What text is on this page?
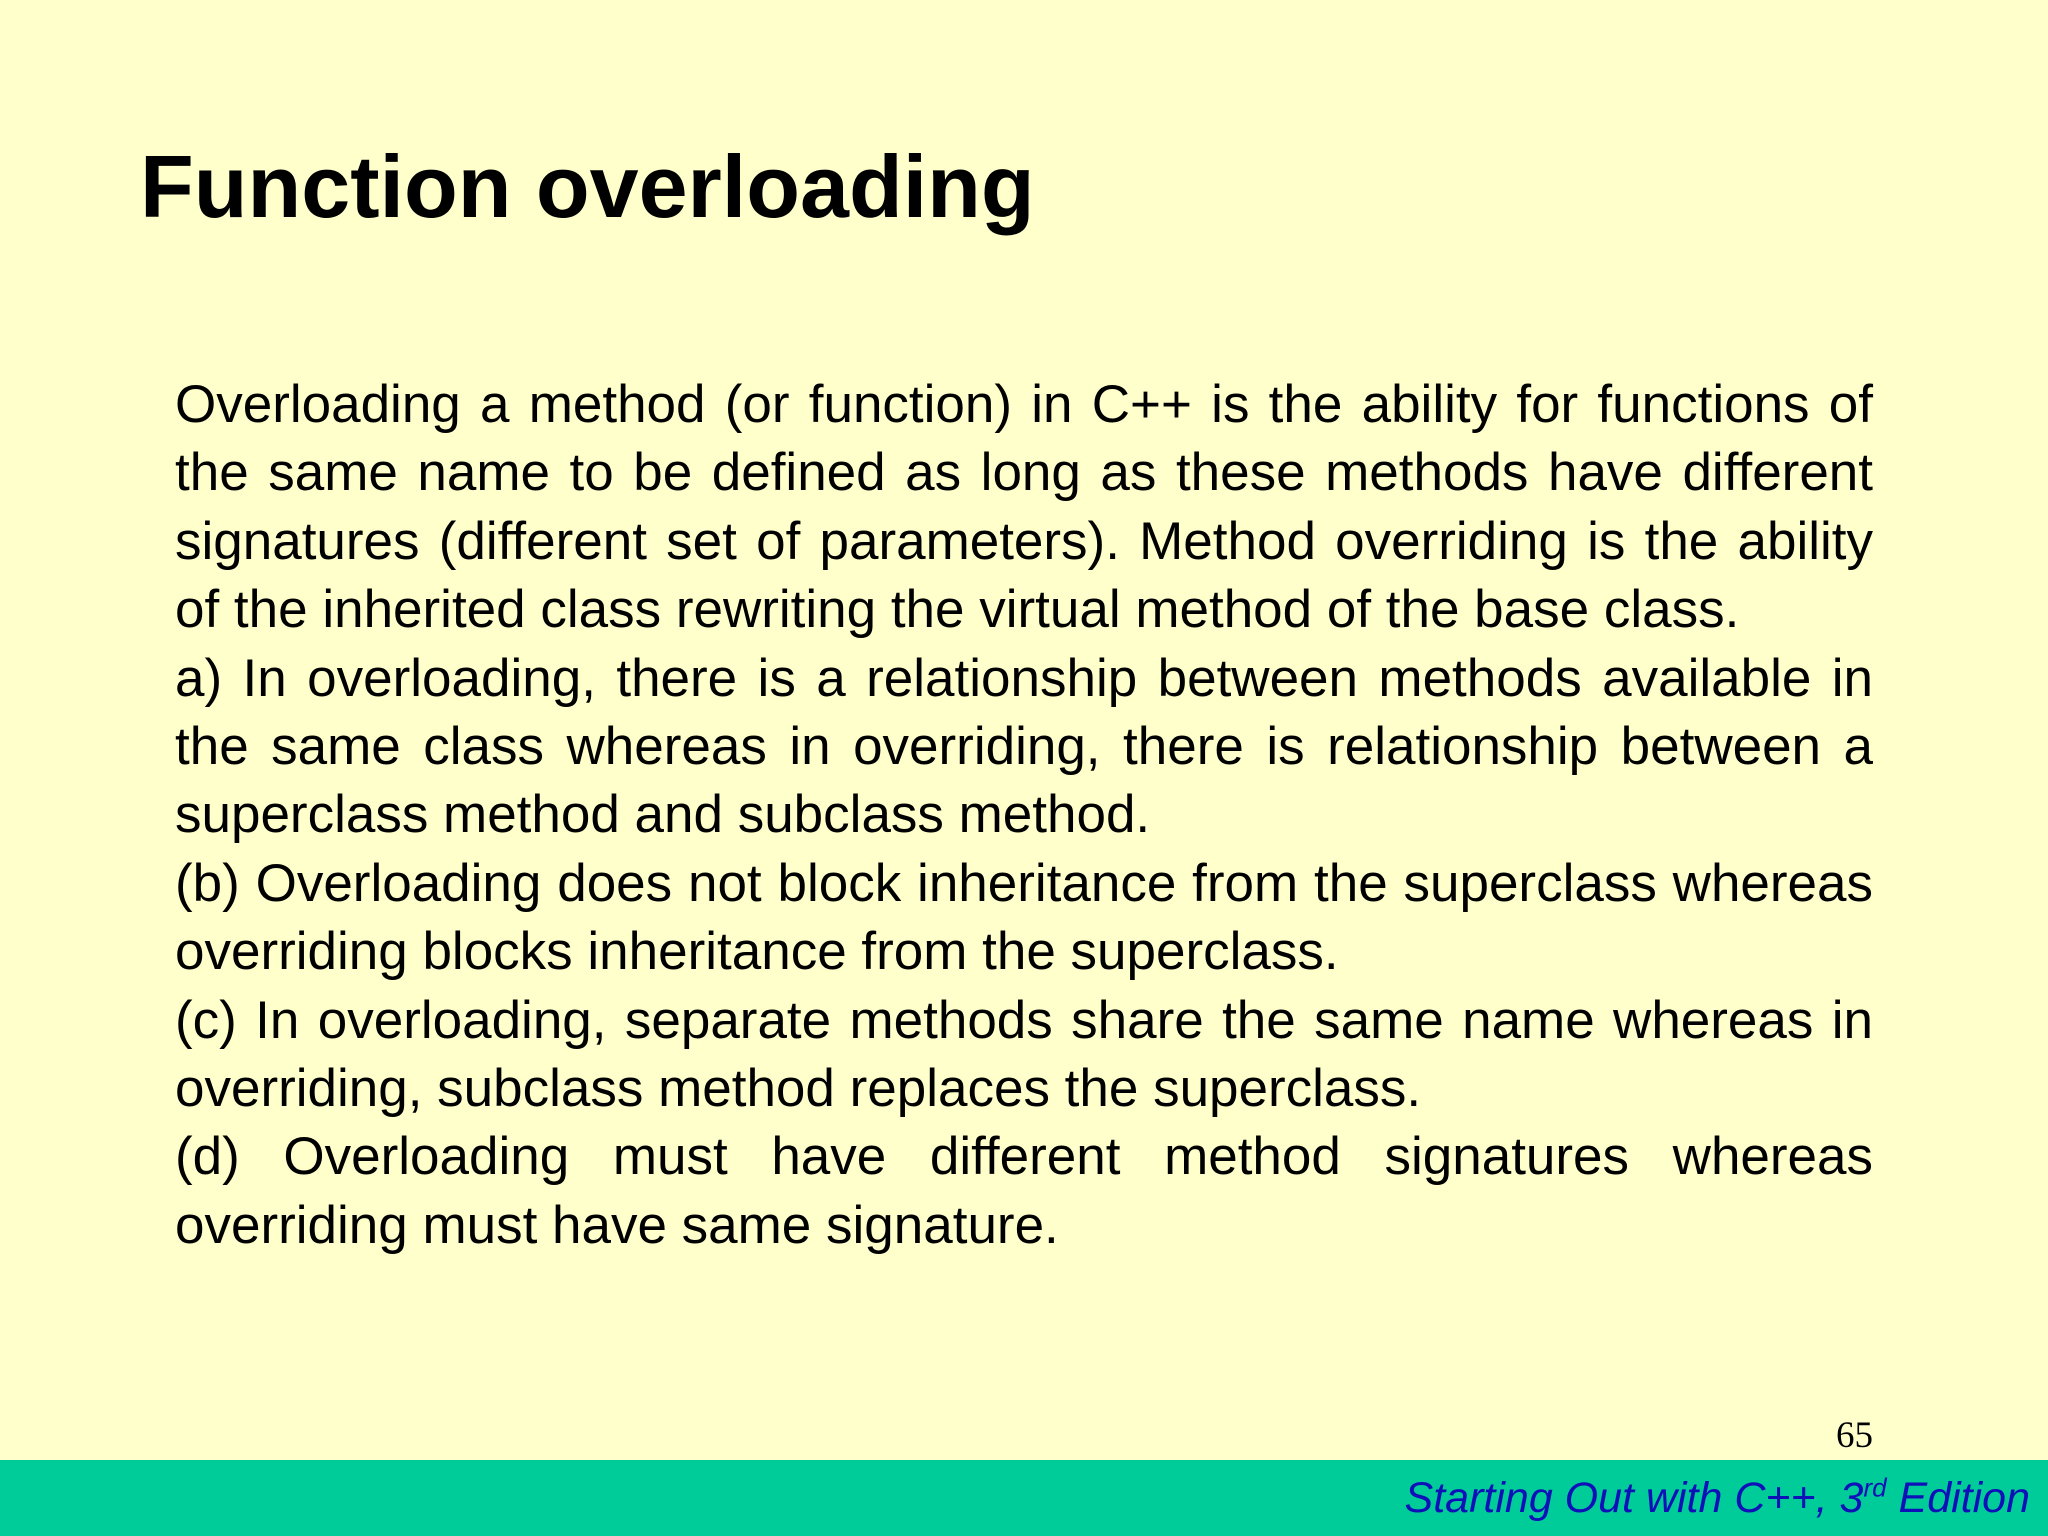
Function overloading

Overloading a method (or function) in C++ is the ability for functions of the same name to be defined as long as these methods have different signatures (different set of parameters). Method overriding is the ability of the inherited class rewriting the virtual method of the base class.

a) In overloading, there is a relationship between methods available in the same class whereas in overriding, there is relationship between a superclass method and subclass method.

(b) Overloading does not block inheritance from the superclass whereas overriding blocks inheritance from the superclass.

(c) In overloading, separate methods share the same name whereas in overriding, subclass method replaces the superclass.

(d) Overloading must have different method signatures whereas overriding must have same signature.

65
Starting Out with C++, 3rd Edition
